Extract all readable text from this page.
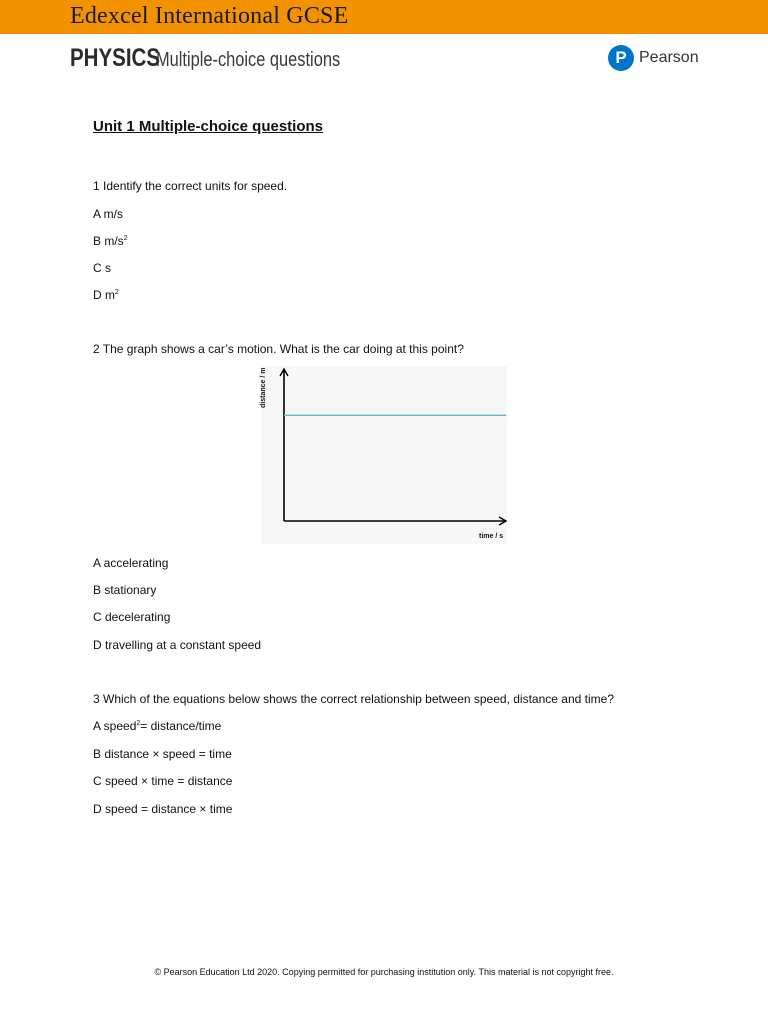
Edexcel International GCSE
PHYSICS
Multiple-choice questions	P Pearson
Unit 1 Multiple-choice questions
1 Identify the correct units for speed.
A m/s
B $m/s^2$
C s
D $m^2$
2 The graph shows a car’s motion. What is the car doing at this point?
A accelerating
B stationary
C decelerating
D travelling at a constant speed
3 Which of the equations below shows the correct relationship between speed, distance and time?
A speed$^2$= distance/time
B distance × speed = time
C speed × time = distance
D speed = distance × time
distance / m
time / s
© Pearson Education Ltd 2020. Copying permitted for purchasing institution only. This material is not copyright free.
